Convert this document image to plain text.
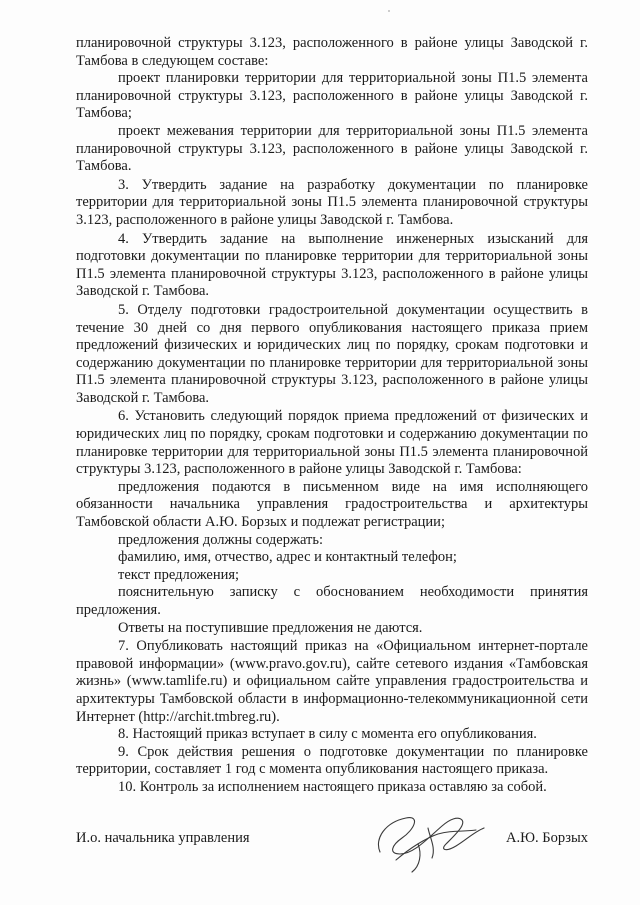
планировочной структуры 3.123, расположенного в районе улицы Заводской г. Тамбова в следующем составе:

проект планировки территории для территориальной зоны П1.5 элемента планировочной структуры 3.123, расположенного в районе улицы Заводской г. Тамбова;

проект межевания территории для территориальной зоны П1.5 элемента планировочной структуры 3.123, расположенного в районе улицы Заводской г. Тамбова.

3. Утвердить задание на разработку документации по планировке территории для территориальной зоны П1.5 элемента планировочной структуры 3.123, расположенного в районе улицы Заводской г. Тамбова.

4. Утвердить задание на выполнение инженерных изысканий для подготовки документации по планировке территории для территориальной зоны П1.5 элемента планировочной структуры 3.123, расположенного в районе улицы Заводской г. Тамбова.

5. Отделу подготовки градостроительной документации осуществить в течение 30 дней со дня первого опубликования настоящего приказа прием предложений физических и юридических лиц по порядку, срокам подготовки и содержанию документации по планировке территории для территориальной зоны П1.5 элемента планировочной структуры 3.123, расположенного в районе улицы Заводской г. Тамбова.

6. Установить следующий порядок приема предложений от физических и юридических лиц по порядку, срокам подготовки и содержанию документации по планировке территории для территориальной зоны П1.5 элемента планировочной структуры 3.123, расположенного в районе улицы Заводской г. Тамбова:

предложения подаются в письменном виде на имя исполняющего обязанности начальника управления градостроительства и архитектуры Тамбовской области А.Ю. Борзых и подлежат регистрации;

предложения должны содержать:

фамилию, имя, отчество, адрес и контактный телефон;

текст предложения;

пояснительную записку с обоснованием необходимости принятия предложения.

Ответы на поступившие предложения не даются.

7. Опубликовать настоящий приказ на «Официальном интернет-портале правовой информации» (www.pravo.gov.ru), сайте сетевого издания «Тамбовская жизнь» (www.tamlife.ru) и официальном сайте управления градостроительства и архитектуры Тамбовской области в информационно-телекоммуникационной сети Интернет (http://archit.tmbreg.ru).

8. Настоящий приказ вступает в силу с момента его опубликования.

9. Срок действия решения о подготовке документации по планировке территории, составляет 1 год с момента опубликования настоящего приказа.

10. Контроль за исполнением настоящего приказа оставляю за собой.

И.о. начальника управления	А.Ю. Борзых
